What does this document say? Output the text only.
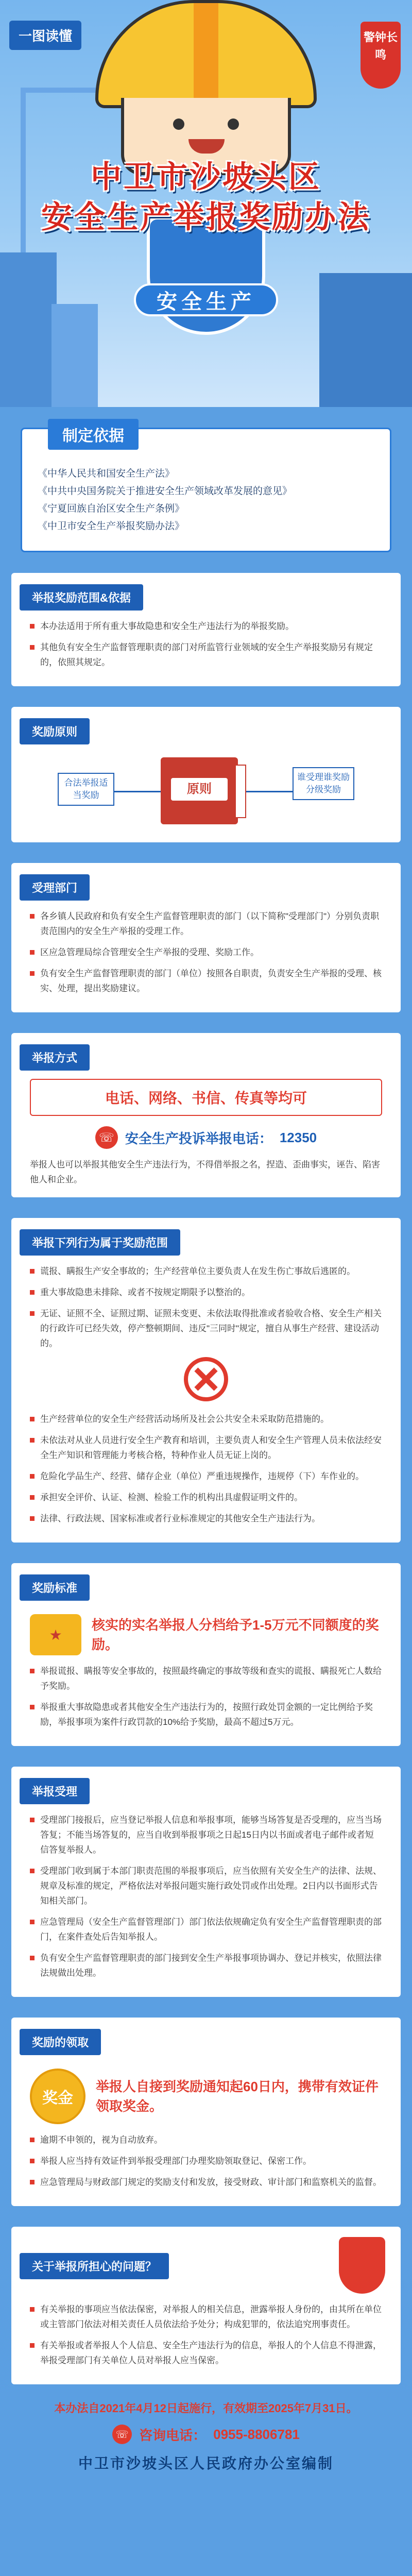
一图读懂	警钟长鸣
中卫市沙坡头区
安全生产举报奖励办法
安全生产
制定依据

《中华人民共和国安全生产法》

《中共中央国务院关于推进安全生产领域改革发展的意见》

《宁夏回族自治区安全生产条例》

《中卫市安全生产举报奖励办法》

举报奖励范围&依据
本办法适用于所有重大事故隐患和安全生产违法行为的举报奖励。
其他负有安全生产监督管理职责的部门对所监管行业领域的安全生产举报奖励另有规定的，依照其规定。
奖励原则
合法举报适当奖励	原则
谁受理谁奖励分级奖励
受理部门
各乡镇人民政府和负有安全生产监督管理职责的部门（以下简称"受理部门"）分别负责职责范围内的安全生产举报的受理工作。
区应急管理局综合管理安全生产举报的受理、奖励工作。
负有安全生产监督管理职责的部门（单位）按照各自职责，负责安全生产举报的受理、核实、处理，提出奖励建议。
举报方式
电话、网络、书信、传真等均可
☏ 安全生产投诉举报电话： 12350
举报人也可以举报其他安全生产违法行为，不得借举报之名，捏造、歪曲事实，诬告、陷害他人和企业。
举报下列行为属于奖励范围
谎报、瞒报生产安全事故的；生产经营单位主要负责人在发生伤亡事故后逃匿的。
重大事故隐患未排除、或者不按规定期限予以整治的。
无证、证照不全、证照过期、证照未变更、未依法取得批准或者验收合格、安全生产相关的行政许可已经失效，停产整顿期间、违反"三同时"规定，擅自从事生产经营、建设活动的。
生产经营单位的安全生产经营活动场所及社会公共安全未采取防范措施的。
未依法对从业人员进行安全生产教育和培训，主要负责人和安全生产管理人员未依法经安全生产知识和管理能力考核合格，特种作业人员无证上岗的。
危险化学品生产、经营、储存企业（单位）严重违规操作，违规停（下）车作业的。
承担安全评价、认证、检测、检验工作的机构出具虚假证明文件的。
法律、行政法规、国家标准或者行业标准规定的其他安全生产违法行为。
奖励标准
★
核实的实名举报人分档给予1-5万元不同额度的奖励。
举报谎报、瞒报等安全事故的，按照最终确定的事故等级和查实的谎报、瞒报死亡人数给予奖励。
举报重大事故隐患或者其他安全生产违法行为的，按照行政处罚金额的一定比例给予奖励，举报事项为案件行政罚款的10%给予奖励，最高不超过5万元。
举报受理
受理部门接报后，应当登记举报人信息和举报事项，能够当场答复是否受理的，应当当场答复；不能当场答复的，应当自收到举报事项之日起15日内以书面或者电子邮件或者短信答复举报人。
受理部门收到属于本部门职责范围的举报事项后，应当依照有关安全生产的法律、法规、规章及标准的规定，严格依法对举报问题实施行政处罚或作出处理。2日内以书面形式告知相关部门。
应急管理局（安全生产监督管理部门）部门依法依规确定负有安全生产监督管理职责的部门，在案件查处后告知举报人。
负有安全生产监督管理职责的部门接到安全生产举报事项协调办、登记并核实，依照法律法规做出处理。
奖励的领取
奖金
举报人自接到奖励通知起60日内，携带有效证件领取奖金。
逾期不申领的，视为自动放弃。
举报人应当持有效证件到举报受理部门办理奖励领取登记、保密工作。
应急管理局与财政部门规定的奖励支付和发放，接受财政、审计部门和监察机关的监督。
关于举报所担心的问题？
有关举报的事项应当依法保密，对举报人的相关信息，泄露举报人身份的，由其所在单位或主管部门依法对相关责任人员依法给予处分；构成犯罪的，依法追究刑事责任。
有关举报或者举报人个人信息、安全生产违法行为的信息，举报人的个人信息不得泄露，举报受理部门有关单位人员对举报人应当保密。
本办法自2021年4月12日起施行，有效期至2025年7月31日。
☏ 咨询电话： 0955-8806781
中卫市沙坡头区人民政府办公室编制
